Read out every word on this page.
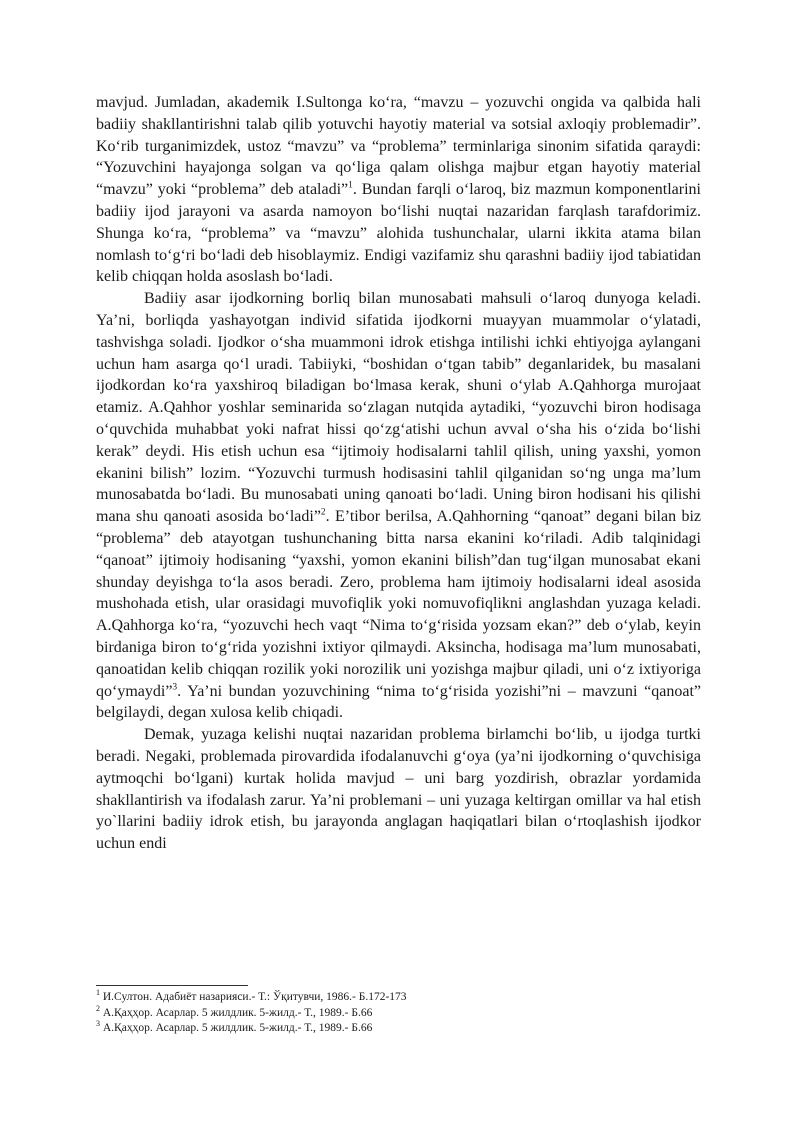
mavjud. Jumladan, akademik I.Sultonga ko‘ra, “mavzu – yozuvchi ongida va qalbida hali badiiy shakllantirishni talab qilib yotuvchi hayotiy material va sotsial axloqiy problemadir”. Ko‘rib turganimizdek, ustoz “mavzu” va “problema” terminlariga sinonim sifatida qaraydi: “Yozuvchini hayajonga solgan va qo‘liga qalam olishga majbur etgan hayotiy material “mavzu” yoki “problema” deb ataladi”$^1$. Bundan farqli o‘laroq, biz mazmun komponentlarini badiiy ijod jarayoni va asarda namoyon bo‘lishi nuqtai nazaridan farqlash tarafdorimiz. Shunga ko‘ra, “problema” va “mavzu” alohida tushunchalar, ularni ikkita atama bilan nomlash to‘g‘ri bo‘ladi deb hisoblaymiz. Endigi vazifamiz shu qarashni badiiy ijod tabiatidan kelib chiqqan holda asoslash bo‘ladi.

Badiiy asar ijodkorning borliq bilan munosabati mahsuli o‘laroq dunyoga keladi. Ya’ni, borliqda yashayotgan individ sifatida ijodkorni muayyan muammolar o‘ylatadi, tashvishga soladi. Ijodkor o‘sha muammoni idrok etishga intilishi ichki ehtiyojga aylangani uchun ham asarga qo‘l uradi. Tabiiyki, “boshidan o‘tgan tabib” deganlaridek, bu masalani ijodkordan ko‘ra yaxshiroq biladigan bo‘lmasa kerak, shuni o‘ylab A.Qahhorga murojaat etamiz. A.Qahhor yoshlar seminarida so‘zlagan nutqida aytadiki, “yozuvchi biron hodisaga o‘quvchida muhabbat yoki nafrat hissi qo‘zg‘atishi uchun avval o‘sha his o‘zida bo‘lishi kerak” deydi. His etish uchun esa “ijtimoiy hodisalarni tahlil qilish, uning yaxshi, yomon ekanini bilish” lozim. “Yozuvchi turmush hodisasini tahlil qilganidan so‘ng unga ma’lum munosabatda bo‘ladi. Bu munosabati uning qanoati bo‘ladi. Uning biron hodisani his qilishi mana shu qanoati asosida bo‘ladi”$^2$. E’tibor berilsa, A.Qahhorning “qanoat” degani bilan biz “problema” deb atayotgan tushunchaning bitta narsa ekanini ko‘riladi. Adib talqinidagi “qanoat” ijtimoiy hodisaning “yaxshi, yomon ekanini bilish”dan tug‘ilgan munosabat ekani shunday deyishga to‘la asos beradi. Zero, problema ham ijtimoiy hodisalarni ideal asosida mushohada etish, ular orasidagi muvofiqlik yoki nomuvofiqlikni anglashdan yuzaga keladi. A.Qahhorga ko‘ra, “yozuvchi hech vaqt “Nima to‘g‘risida yozsam ekan?” deb o‘ylab, keyin birdaniga biron to‘g‘rida yozishni ixtiyor qilmaydi. Aksincha, hodisaga ma’lum munosabati, qanoatidan kelib chiqqan rozilik yoki norozilik uni yozishga majbur qiladi, uni o‘z ixtiyoriga qo‘ymaydi”$^3$. Ya’ni bundan yozuvchining “nima to‘g‘risida yozishi”ni – mavzuni “qanoat” belgilaydi, degan xulosa kelib chiqadi.

Demak, yuzaga kelishi nuqtai nazaridan problema birlamchi bo‘lib, u ijodga turtki beradi. Negaki, problemada pirovardida ifodalanuvchi g‘oya (ya’ni ijodkorning o‘quvchisiga aytmoqchi bo‘lgani) kurtak holida mavjud – uni barg yozdirish, obrazlar yordamida shakllantirish va ifodalash zarur. Ya’ni problemani – uni yuzaga keltirgan omillar va hal etish yo`llarini badiiy idrok etish, bu jarayonda anglagan haqiqatlari bilan o‘rtoqlashish ijodkor uchun endi

$^1$ И.Султон. Адабиёт назарияси.- Т.: Ўқитувчи, 1986.- Б.172-173

$^2$ А.Қаҳҳор. Асарлар. 5 жилдлик. 5-жилд.- Т., 1989.- Б.66

$^3$ А.Қаҳҳор. Асарлар. 5 жилдлик. 5-жилд.- Т., 1989.- Б.66
